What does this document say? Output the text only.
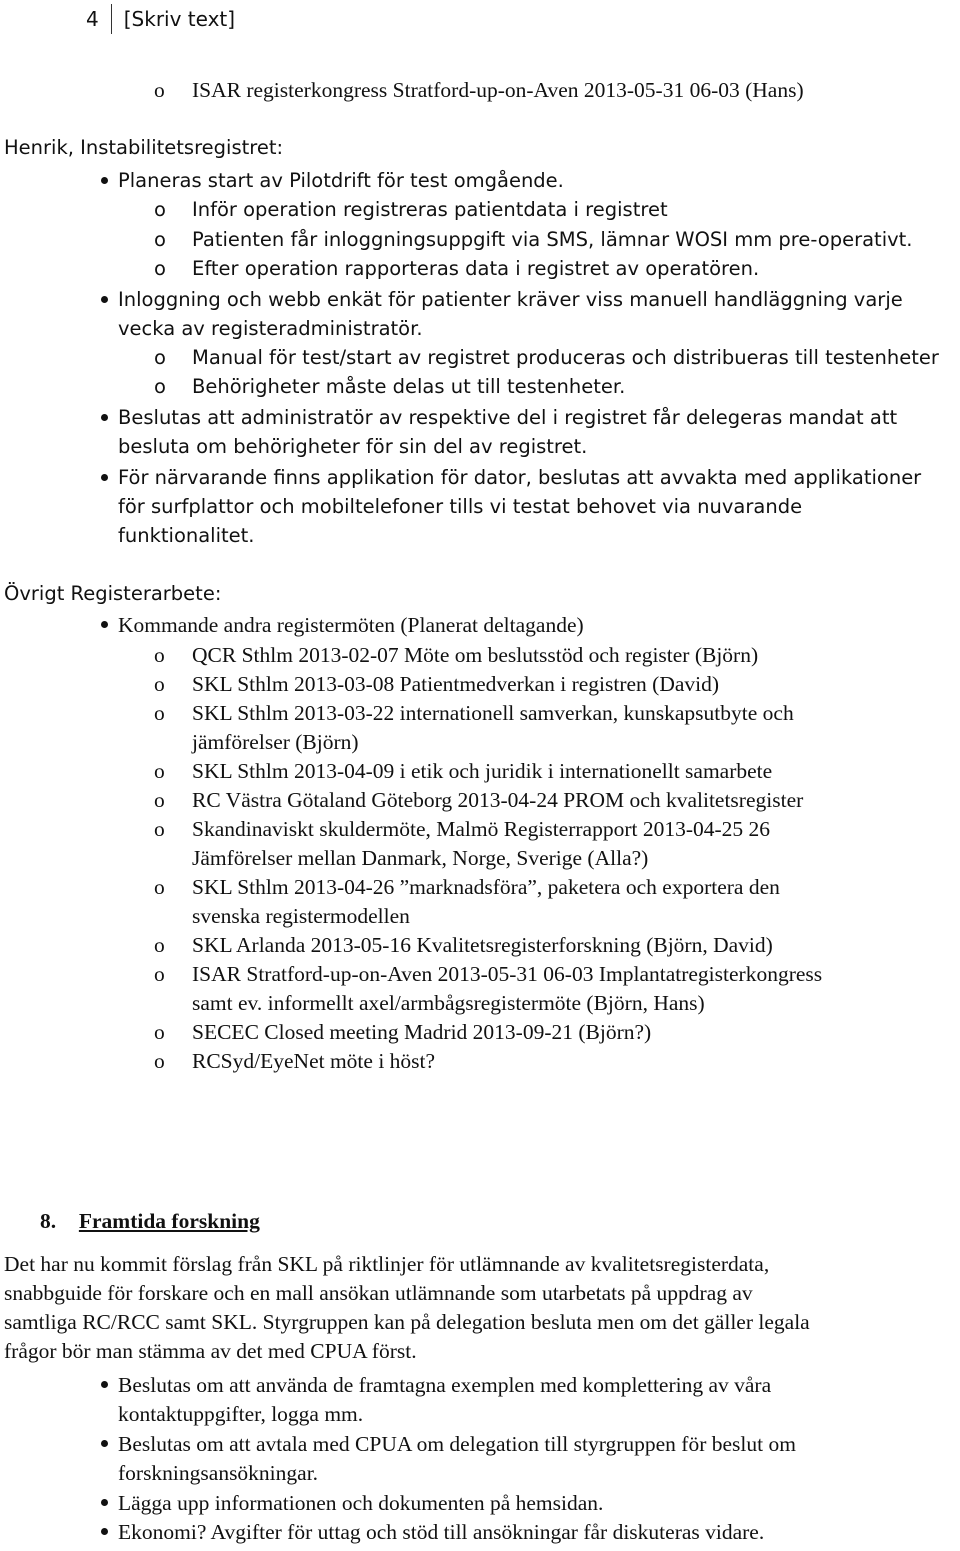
4	[Skriv text]
o ISAR registerkongress Stratford-up-on-Aven 2013-05-31 06-03 (Hans)
Henrik, Instabilitetsregistret:
Planeras start av Pilotdrift för test omgående.
o Inför operation registreras patientdata i registret
o Patienten får inloggningsuppgift via SMS, lämnar WOSI mm pre-operativt.
o Efter operation rapporteras data i registret av operatören.
Inloggning och webb enkät för patienter kräver viss manuell handläggning varje
vecka av registeradministratör.
o Manual för test/start av registret produceras och distribueras till testenheter
o Behörigheter måste delas ut till testenheter.
Beslutas att administratör av respektive del i registret får delegeras mandat att
besluta om behörigheter för sin del av registret.
För närvarande finns applikation för dator, beslutas att avvakta med applikationer
för surfplattor och mobiltelefoner tills vi testat behovet via nuvarande
funktionalitet.
Övrigt Registerarbete:
Kommande andra registermöten (Planerat deltagande)
o QCR Sthlm 2013-02-07 Möte om beslutsstöd och register (Björn)
o SKL Sthlm 2013-03-08 Patientmedverkan i registren (David)
o SKL Sthlm 2013-03-22 internationell samverkan, kunskapsutbyte och
jämförelser (Björn)
o SKL Sthlm 2013-04-09 i etik och juridik i internationellt samarbete
o RC Västra Götaland Göteborg 2013-04-24 PROM och kvalitetsregister
o Skandinaviskt skuldermöte, Malmö Registerrapport 2013-04-25 26
Jämförelser mellan Danmark, Norge, Sverige (Alla?)
o SKL Sthlm 2013-04-26 ”marknadsföra”, paketera och exportera den
svenska registermodellen
o SKL Arlanda 2013-05-16 Kvalitetsregisterforskning (Björn, David)
o ISAR Stratford-up-on-Aven 2013-05-31 06-03 Implantatregisterkongress
samt ev. informellt axel/armbågsregistermöte (Björn, Hans)
o SECEC Closed meeting Madrid 2013-09-21 (Björn?)
o RCSyd/EyeNet möte i höst?
8. Framtida forskning
Det har nu kommit förslag från SKL på riktlinjer för utlämnande av kvalitetsregisterdata,
snabbguide för forskare och en mall ansökan utlämnande som utarbetats på uppdrag av
samtliga RC/RCC samt SKL. Styrgruppen kan på delegation besluta men om det gäller legala
frågor bör man stämma av det med CPUA först.
Beslutas om att använda de framtagna exemplen med komplettering av våra
kontaktuppgifter, logga mm.
Beslutas om att avtala med CPUA om delegation till styrgruppen för beslut om
forskningsansökningar.
Lägga upp informationen och dokumenten på hemsidan.
Ekonomi? Avgifter för uttag och stöd till ansökningar får diskuteras vidare.
